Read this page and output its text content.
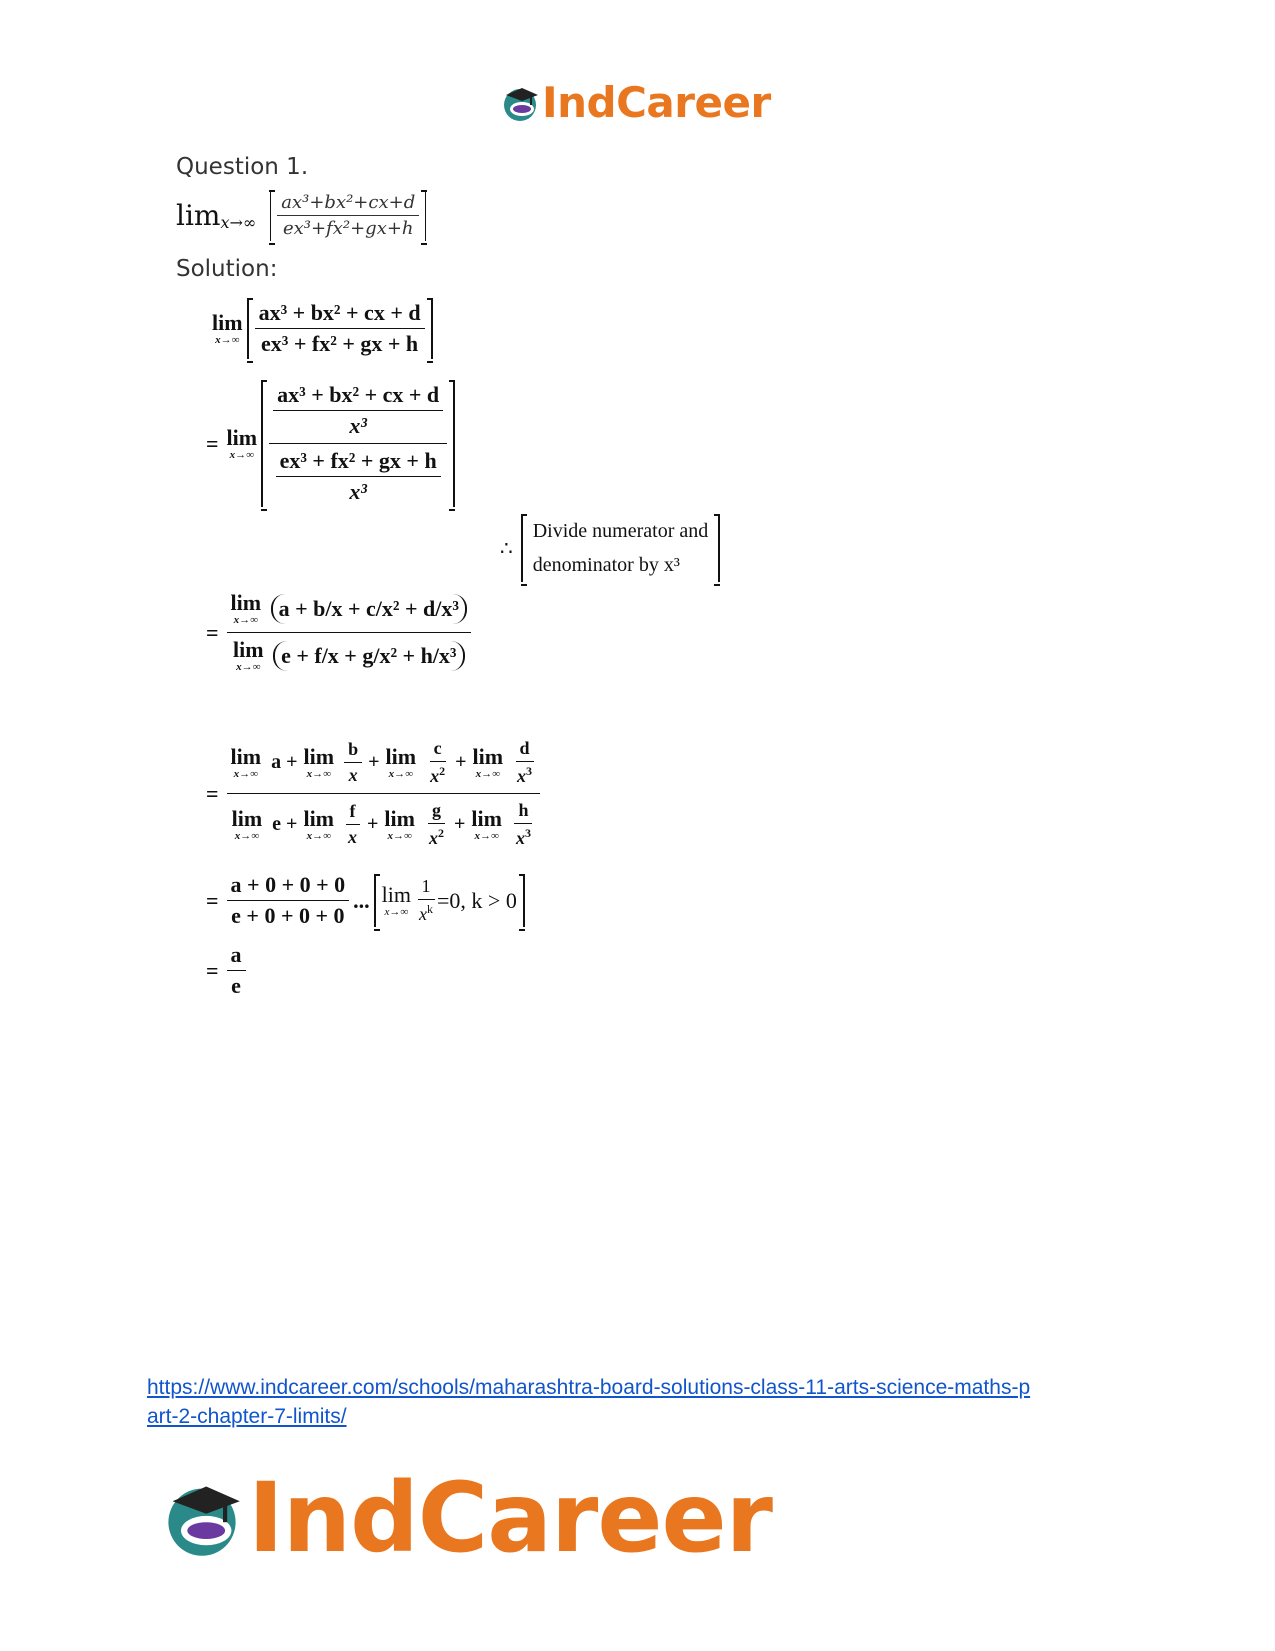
IndCareer
Question 1.
$\lim x\to\infty \frac{\text{ax³+bx²+cx+d}}{\text{ex³+fx²+gx+h}}$
Solution:
lim
$x\to\infty \frac{\text{ax³ + bx² + cx + d}}{\text{ex³ + fx² + gx + h}}$
= lim
$x\to\infty \frac{\frac{\text{ax³ + bx² + cx + d}}{\text{x³}}}{\frac{\text{ex³ + fx² + gx + h}}{\text{x³}}}$
∴
Divide numerator and
denominator by x³
= lim
x→∞ a + b/x + c/x² + d/x³
lim
x→∞ e + f/x + g/x² + h/x³
= lim
x→∞
a + lim
$x\to\infty \frac{b}{x} + \lim$
$x\to\infty \frac{c}{x^2} + \lim$
$x\to\infty \frac{d}{x^3}$
lim
x→∞
e + lim
$x\to\infty \frac{f}{x} + \lim$
$x\to\infty \frac{g}{x^2} + \lim$
$x\to\infty \frac{h}{x^3}$
= $\frac{a + 0 + 0 + 0}{e + 0 + 0 + 0}$ ... lim
$x\to\infty \frac{1}{x^k} =0$, k > 0
= $\frac{a}{e}$
https://www.indcareer.com/schools/maharashtra-board-solutions-class-11-arts-science-maths-p
art-2-chapter-7-limits/
IndCareer
